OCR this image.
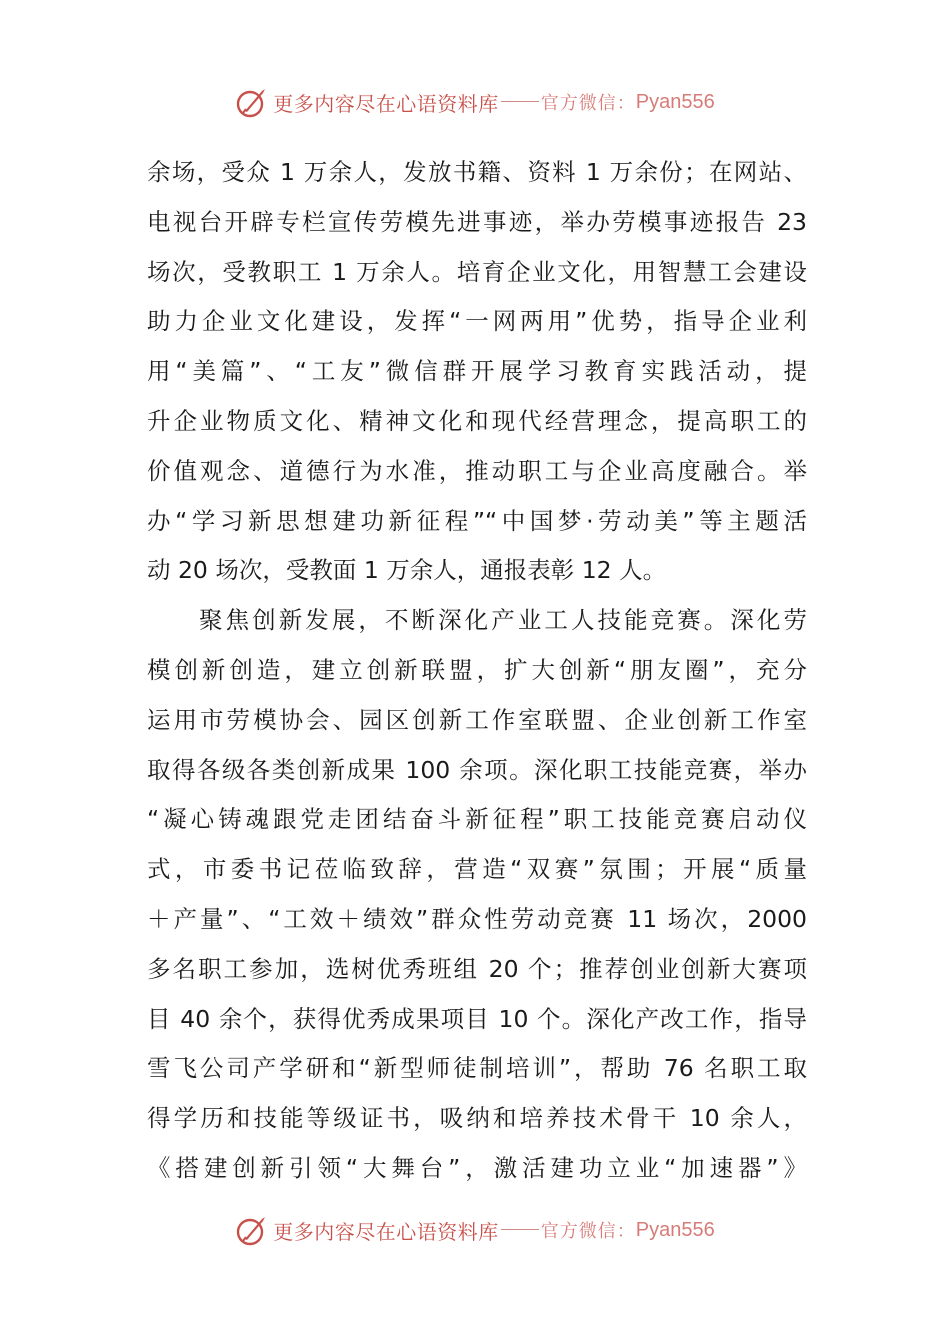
更多内容尽在心语资料库 官方微信： Pyan556
余场，受众 1 万余人，发放书籍、资料 1 万余份；在网站、
电视台开辟专栏宣传劳模先进事迹，举办劳模事迹报告 23
场次，受教职工 1 万余人。培育企业文化，用智慧工会建设
助力企业文化建设，发挥“一网两用”优势，指导企业利
用“美篇”、“工友”微信群开展学习教育实践活动，提
升企业物质文化、精神文化和现代经营理念，提高职工的
价值观念、道德行为水准，推动职工与企业高度融合。举
办“学习新思想建功新征程”“中国梦·劳动美”等主题活
动 20 场次，受教面 1 万余人，通报表彰 12 人。
聚焦创新发展，不断深化产业工人技能竞赛。深化劳
模创新创造，建立创新联盟，扩大创新“朋友圈”，充分
运用市劳模协会、园区创新工作室联盟、企业创新工作室
取得各级各类创新成果 100 余项。深化职工技能竞赛，举办
“凝心铸魂跟党走团结奋斗新征程”职工技能竞赛启动仪
式，市委书记莅临致辞，营造“双赛”氛围；开展“质量
＋产量”、“工效＋绩效”群众性劳动竞赛 11 场次，2000
多名职工参加，选树优秀班组 20 个；推荐创业创新大赛项
目 40 余个，获得优秀成果项目 10 个。深化产改工作，指导
雪飞公司产学研和“新型师徒制培训”，帮助 76 名职工取
得学历和技能等级证书，吸纳和培养技术骨干 10 余人，
《搭建创新引领“大舞台”，激活建功立业“加速器”》
更多内容尽在心语资料库 官方微信： Pyan556
